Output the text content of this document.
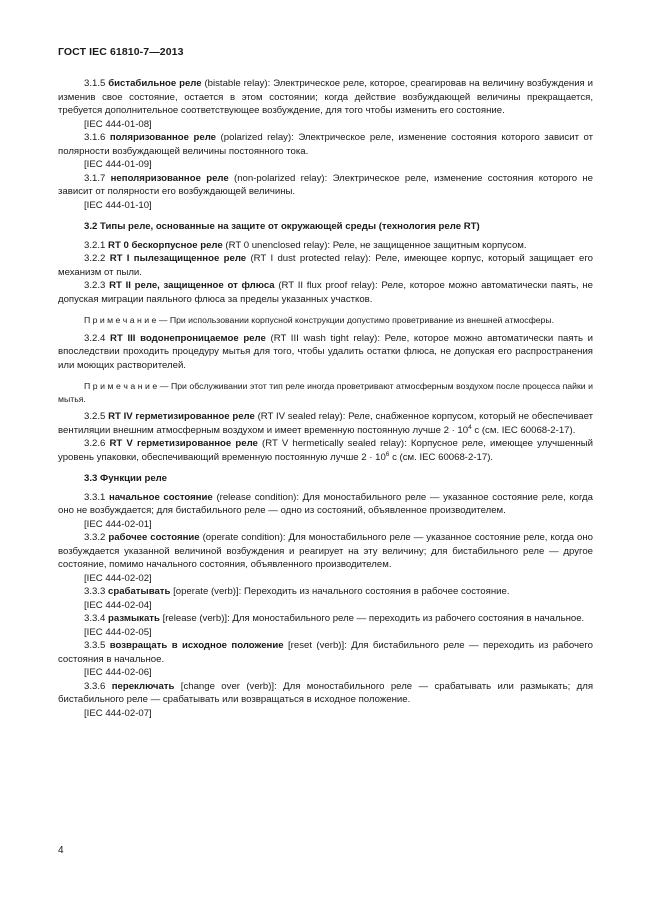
ГОСТ IEC 61810-7—2013

3.1.5 бистабильное реле (bistable relay): Электрическое реле, которое, среагировав на величину возбуждения и изменив свое состояние, остается в этом состоянии; когда действие возбуждающей величины прекращается, требуется дополнительное соответствующее возбуждение, для того чтобы изменить его состояние.

[IEC 444-01-08]

3.1.6 поляризованное реле (polarized relay): Электрическое реле, изменение состояния которого зависит от полярности возбуждающей величины постоянного тока.

[IEC 444-01-09]

3.1.7 неполяризованное реле (non-polarized relay): Электрическое реле, изменение состояния которого не зависит от полярности его возбуждающей величины.

[IEC 444-01-10]

3.2 Типы реле, основанные на защите от окружающей среды (технология реле RT)

3.2.1 RT 0 бескорпусное реле (RT 0 unenclosed relay): Реле, не защищенное защитным корпусом.

3.2.2 RT I пылезащищенное реле (RT I dust protected relay): Реле, имеющее корпус, который защищает его механизм от пыли.

3.2.3 RT II реле, защищенное от флюса (RT II flux proof relay): Реле, которое можно автоматически паять, не допуская миграции паяльного флюса за пределы указанных участков.

П р и м е ч а н и е — При использовании корпусной конструкции допустимо проветривание из внешней атмосферы.

3.2.4 RT III водонепроницаемое реле (RT III wash tight relay): Реле, которое можно автоматически паять и впоследствии проходить процедуру мытья для того, чтобы удалить остатки флюса, не допуская его распространения или моющих растворителей.

П р и м е ч а н и е — При обслуживании этот тип реле иногда проветривают атмосферным воздухом после процесса пайки и мытья.

3.2.5 RT IV герметизированное реле (RT IV sealed relay): Реле, снабженное корпусом, который не обеспечивает вентиляции внешним атмосферным воздухом и имеет временную постоянную лучше $2 \cdot 10^4$ с (см. IEC 60068-2-17).

3.2.6 RT V герметизированное реле (RT V hermetically sealed relay): Корпусное реле, имеющее улучшенный уровень упаковки, обеспечивающий временную постоянную лучше $2 \cdot 10^6$ с (см. IEC 60068-2-17).

3.3 Функции реле

3.3.1 начальное состояние (release condition): Для моностабильного реле — указанное состояние реле, когда оно не возбуждается; для бистабильного реле — одно из состояний, объявленное производителем.

[IEC 444-02-01]

3.3.2 рабочее состояние (operate condition): Для моностабильного реле — указанное состояние реле, когда оно возбуждается указанной величиной возбуждения и реагирует на эту величину; для бистабильного реле — другое состояние, помимо начального состояния, объявленного производителем.

[IEC 444-02-02]

3.3.3 срабатывать [operate (verb)]: Переходить из начального состояния в рабочее состояние.

[IEC 444-02-04]

3.3.4 размыкать [release (verb)]: Для моностабильного реле — переходить из рабочего состояния в начальное.

[IEC 444-02-05]

3.3.5 возвращать в исходное положение [reset (verb)]: Для бистабильного реле — переходить из рабочего состояния в начальное.

[IEC 444-02-06]

3.3.6 переключать [change over (verb)]: Для моностабильного реле — срабатывать или размыкать; для бистабильного реле — срабатывать или возвращаться в исходное положение.

[IEC 444-02-07]

4
